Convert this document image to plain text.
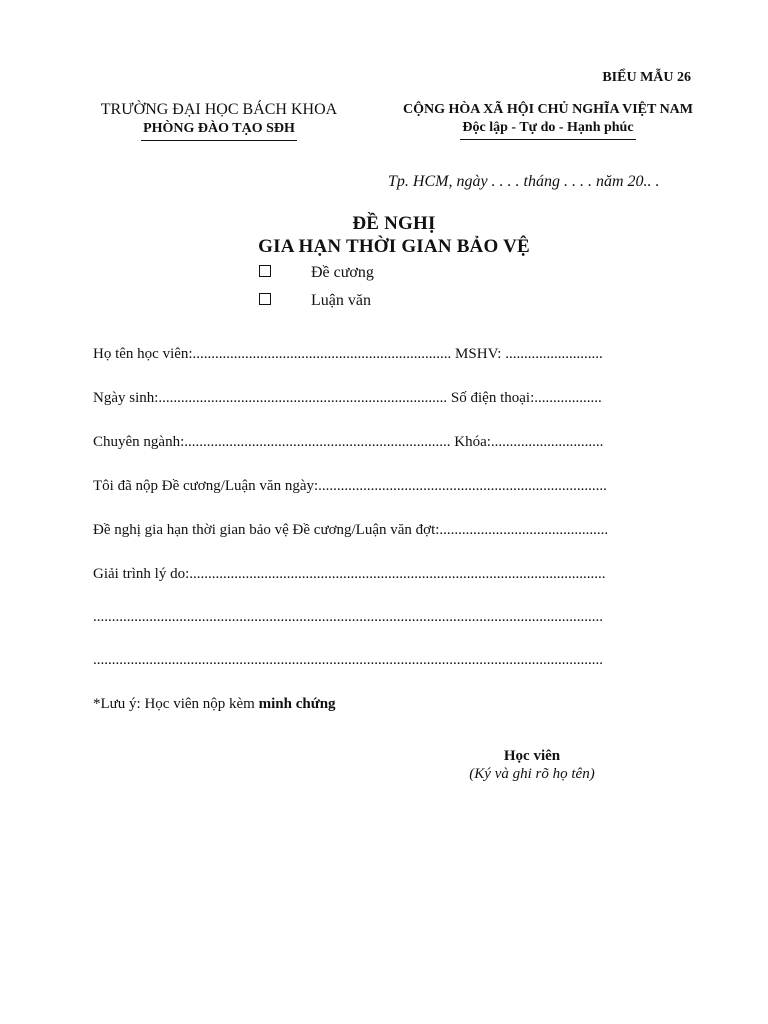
BIỂU MẪU 26
TRƯỜNG ĐẠI HỌC BÁCH KHOA
PHÒNG ĐÀO TẠO SĐH
CỘNG HÒA XÃ HỘI CHỦ NGHĨA VIỆT NAM
Độc lập - Tự do - Hạnh phúc
Tp. HCM, ngày . . . . tháng . . . . năm 20.. .
ĐỀ NGHỊ
GIA HẠN THỜI GIAN BẢO VỆ
Đề cương
Luận văn
Họ tên học viên:..................................................................... MSHV: ..........................
Ngày sinh:............................................................................. Số điện thoại:..................
Chuyên ngành:....................................................................... Khóa:..............................
Tôi đã nộp Đề cương/Luận văn ngày:.............................................................................
Đề nghị gia hạn thời gian bảo vệ Đề cương/Luận văn đợt:.............................................
Giải trình lý do:...............................................................................................................
........................................................................................................................................
........................................................................................................................................
*Lưu ý: Học viên nộp kèm minh chứng
Học viên
(Ký và ghi rõ họ tên)
